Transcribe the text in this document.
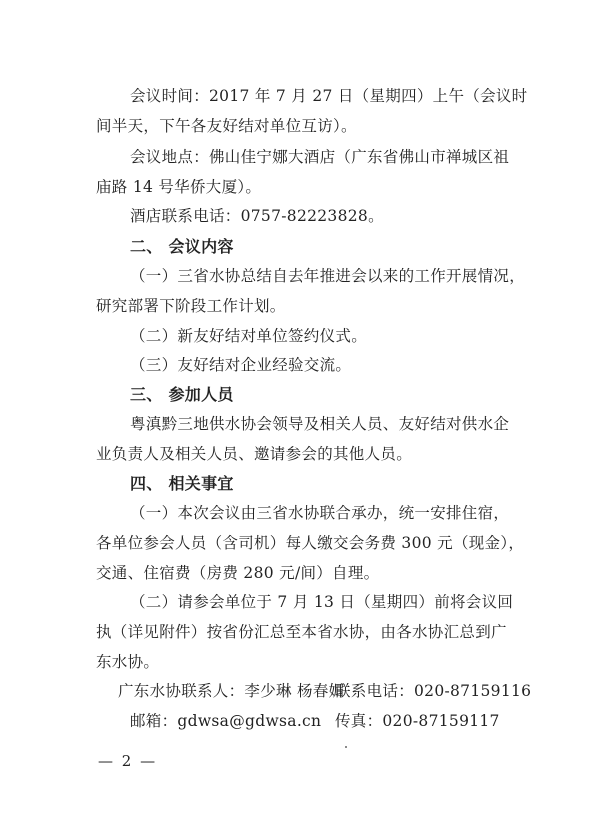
会议时间：2017 年 7 月 27 日（星期四）上午（会议时
间半天，下午各友好结对单位互访）。
会议地点：佛山佳宁娜大酒店（广东省佛山市禅城区祖
庙路 14 号华侨大厦）。
酒店联系电话：0757-82223828。
二、 会议内容
（一）三省水协总结自去年推进会以来的工作开展情况，
研究部署下阶段工作计划。
（二）新友好结对单位签约仪式。
（三）友好结对企业经验交流。
三、 参加人员
粤滇黔三地供水协会领导及相关人员、友好结对供水企
业负责人及相关人员、邀请参会的其他人员。
四、 相关事宜
（一）本次会议由三省水协联合承办，统一安排住宿，
各单位参会人员（含司机）每人缴交会务费 300 元（现金），
交通、住宿费（房费 280 元/间）自理。
（二）请参会单位于 7 月 13 日（星期四）前将会议回
执（详见附件）按省份汇总至本省水协，由各水协汇总到广
东水协。
广东水协联系人：李少琳 杨春媚
联系电话：020-87159116
邮箱：gdwsa@gdwsa.cn 传真：020-87159117
— 2 —
